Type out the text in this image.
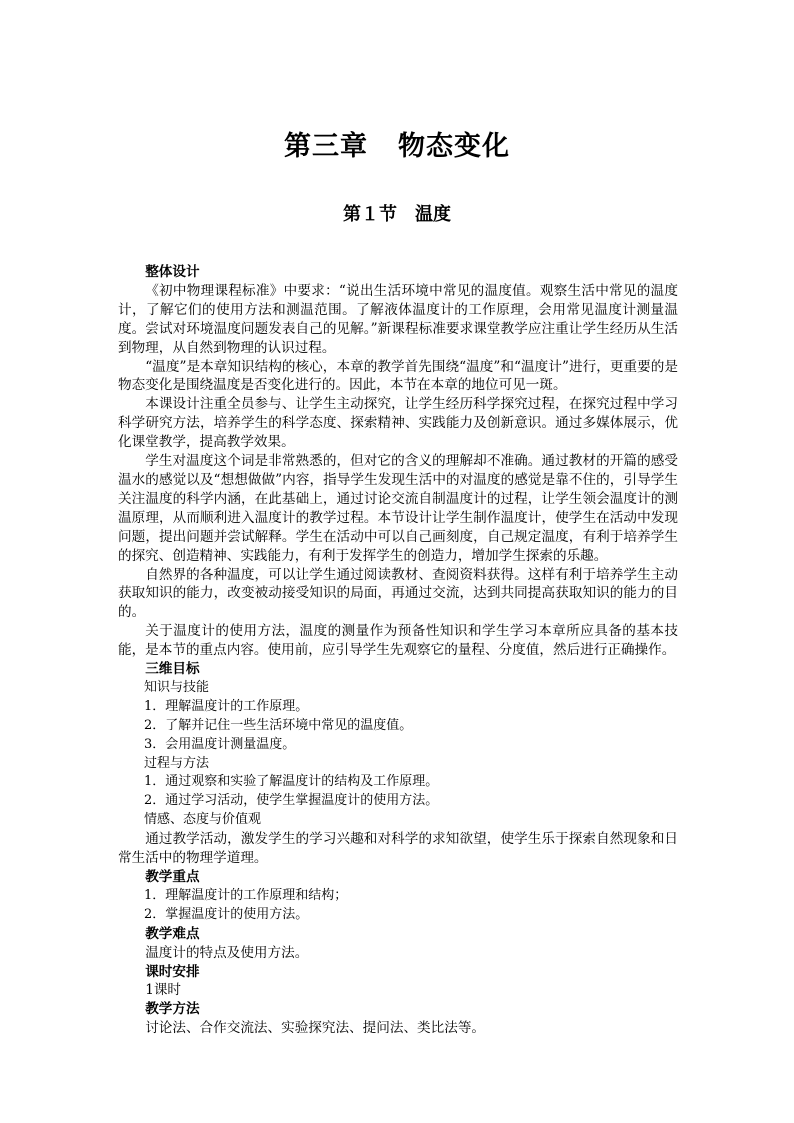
第三章 物态变化
第１节 温度
整体设计

《初中物理课程标准》中要求：“说出生活环境中常见的温度值。观察生活中常见的温度计，了解它们的使用方法和测温范围。了解液体温度计的工作原理，会用常见温度计测量温度。尝试对环境温度问题发表自己的见解。”新课程标准要求课堂教学应注重让学生经历从生活到物理，从自然到物理的认识过程。

“温度”是本章知识结构的核心，本章的教学首先围绕“温度”和“温度计”进行，更重要的是物态变化是围绕温度是否变化进行的。因此，本节在本章的地位可见一斑。

本课设计注重全员参与、让学生主动探究，让学生经历科学探究过程，在探究过程中学习科学研究方法，培养学生的科学态度、探索精神、实践能力及创新意识。通过多媒体展示，优化课堂教学，提高教学效果。

学生对温度这个词是非常熟悉的，但对它的含义的理解却不准确。通过教材的开篇的感受温水的感觉以及“想想做做”内容，指导学生发现生活中的对温度的感觉是靠不住的，引导学生关注温度的科学内涵，在此基础上，通过讨论交流自制温度计的过程，让学生领会温度计的测温原理，从而顺利进入温度计的教学过程。本节设计让学生制作温度计，使学生在活动中发现问题，提出问题并尝试解释。学生在活动中可以自己画刻度，自己规定温度，有利于培养学生的探究、创造精神、实践能力，有利于发挥学生的创造力，增加学生探索的乐趣。

自然界的各种温度，可以让学生通过阅读教材、查阅资料获得。这样有利于培养学生主动获取知识的能力，改变被动接受知识的局面，再通过交流，达到共同提高获取知识的能力的目的。

关于温度计的使用方法，温度的测量作为预备性知识和学生学习本章所应具备的基本技能，是本节的重点内容。使用前，应引导学生先观察它的量程、分度值，然后进行正确操作。

三维目标
知识与技能
1．理解温度计的工作原理。
2．了解并记住一些生活环境中常见的温度值。
3．会用温度计测量温度。
过程与方法
1．通过观察和实验了解温度计的结构及工作原理。
2．通过学习活动，使学生掌握温度计的使用方法。
情感、态度与价值观

通过教学活动，激发学生的学习兴趣和对科学的求知欲望，使学生乐于探索自然现象和日常生活中的物理学道理。

教学重点
1．理解温度计的工作原理和结构；
2．掌握温度计的使用方法。
教学难点
温度计的特点及使用方法。
课时安排
1课时
教学方法
讨论法、合作交流法、实验探究法、提问法、类比法等。
